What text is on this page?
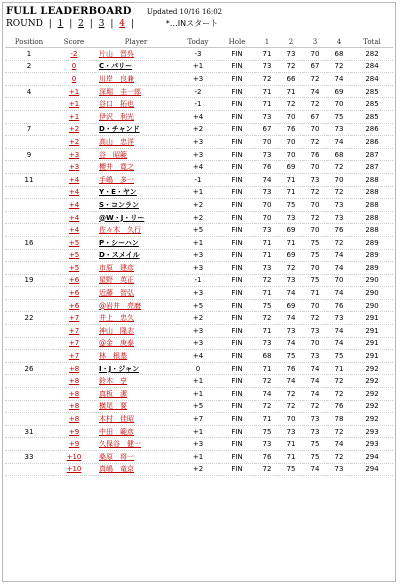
FULL LEADERBOARD Updated 10/16 16:02
ROUND | 1 | 2 | 3 | 4 |	*…INスタート
Position	Score	Player	Today	Hole	1	2	3	4	Total
1	-2	片山　晋呉	-3	FIN	71	73	70	68	282
2	0	C・パリー	+1	FIN	73	72	67	72	284
	0	川岸　良兼	+3	FIN	72	66	72	74	284
4	+1	深堀　圭一郎	-2	FIN	71	71	74	69	285
	+1	谷口　拓也	-1	FIN	71	72	72	70	285
	+1	伊沢　利光	+4	FIN	73	70	67	75	285
7	+2	D・チャンド	+2	FIN	67	76	70	73	286
	+2	高山　忠洋	+3	FIN	70	70	72	74	286
9	+3	谷　昭範	+3	FIN	73	70	76	68	287
	+3	櫻井　寛之	+4	FIN	76	69	70	72	287
11	+4	手嶋　多一	-1	FIN	74	71	73	70	288
	+4	Y・E・ヤン	+1	FIN	73	71	72	72	288
	+4	S・コンラン	+2	FIN	70	75	70	73	288
	+4	@W・J・リー	+2	FIN	70	73	72	73	288
	+4	佐々木　久行	+5	FIN	73	69	70	76	288
16	+5	P・シーハン	+1	FIN	71	71	75	72	289
	+5	D・スメイル	+3	FIN	71	69	75	74	289
	+5	市原　建彦	+3	FIN	73	72	70	74	289
19	+6	星野　英正	-1	FIN	72	73	75	70	290
	+6	近藤　智弘	+3	FIN	71	74	71	74	290
	+6	@岩井　亮磨	+5	FIN	75	69	70	76	290
22	+7	井上　忠久	+2	FIN	72	74	72	73	291
	+7	神山　隆志	+3	FIN	71	73	73	74	291
	+7	@金　庚泰	+3	FIN	73	74	70	74	291
	+7	林　根基	+4	FIN	68	75	73	75	291
26	+8	I・J・ジャン	0	FIN	71	76	74	71	292
	+8	鈴木　亨	+1	FIN	72	74	74	72	292
	+8	真板　潔	+1	FIN	74	72	74	72	292
	+8	横尾　要	+5	FIN	72	72	72	76	292
	+8	木村　佳昭	+7	FIN	71	70	73	78	292
31	+9	中田　範彦	+1	FIN	75	73	73	72	293
	+9	久保谷　健一	+3	FIN	73	71	75	74	293
33	+10	桑原　将一	+1	FIN	76	71	75	72	294
	+10	真嶋　竜京	+2	FIN	72	75	74	73	294
